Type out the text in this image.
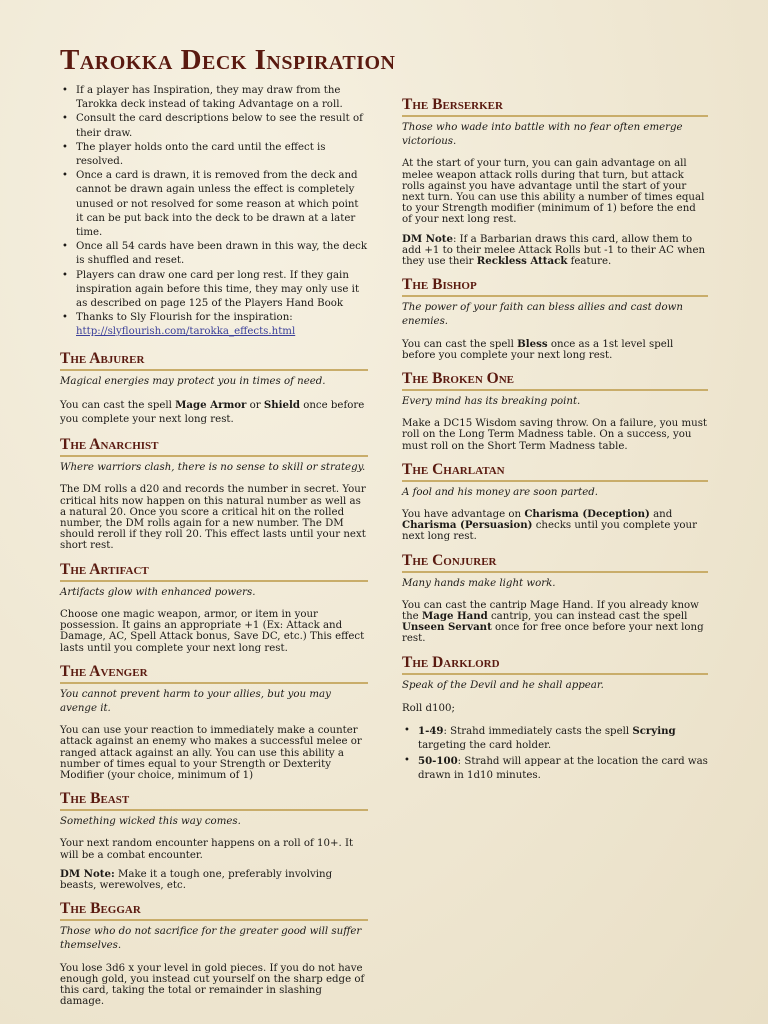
Tarokka Deck Inspiration
• If a player has Inspiration, they may draw from the Tarokka deck instead of taking Advantage on a roll.
• Consult the card descriptions below to see the result of their draw.
• The player holds onto the card until the effect is resolved.
• Once a card is drawn, it is removed from the deck and cannot be drawn again unless the effect is completely unused or not resolved for some reason at which point it can be put back into the deck to be drawn at a later time.
• Once all 54 cards have been drawn in this way, the deck is shuffled and reset.
• Players can draw one card per long rest. If they gain inspiration again before this time, they may only use it as described on page 125 of the Players Hand Book
• Thanks to Sly Flourish for the inspiration: http://slyflourish.com/tarokka_effects.html
The Abjurer
Magical energies may protect you in times of need.
You can cast the spell Mage Armor or Shield once before you complete your next long rest.
The Anarchist
Where warriors clash, there is no sense to skill or strategy.
The DM rolls a d20 and records the number in secret. Your critical hits now happen on this natural number as well as a natural 20. Once you score a critical hit on the rolled number, the DM rolls again for a new number. The DM should reroll if they roll 20. This effect lasts until your next short rest.
The Artifact
Artifacts glow with enhanced powers.
Choose one magic weapon, armor, or item in your possession. It gains an appropriate +1 (Ex: Attack and Damage, AC, Spell Attack bonus, Save DC, etc.) This effect lasts until you complete your next long rest.
The Avenger
You cannot prevent harm to your allies, but you may avenge it.
You can use your reaction to immediately make a counter attack against an enemy who makes a successful melee or ranged attack against an ally. You can use this ability a number of times equal to your Strength or Dexterity Modifier (your choice, minimum of 1)
The Beast
Something wicked this way comes.
Your next random encounter happens on a roll of 10+. It will be a combat encounter.
DM Note: Make it a tough one, preferably involving beasts, werewolves, etc.
The Beggar
Those who do not sacrifice for the greater good will suffer themselves.
You lose 3d6 x your level in gold pieces. If you do not have enough gold, you instead cut yourself on the sharp edge of this card, taking the total or remainder in slashing damage.
The Berserker
Those who wade into battle with no fear often emerge victorious.
At the start of your turn, you can gain advantage on all melee weapon attack rolls during that turn, but attack rolls against you have advantage until the start of your next turn. You can use this ability a number of times equal to your Strength modifier (minimum of 1) before the end of your next long rest.
DM Note: If a Barbarian draws this card, allow them to add +1 to their melee Attack Rolls but -1 to their AC when they use their Reckless Attack feature.
The Bishop
The power of your faith can bless allies and cast down enemies.
You can cast the spell Bless once as a 1st level spell before you complete your next long rest.
The Broken One
Every mind has its breaking point.
Make a DC15 Wisdom saving throw. On a failure, you must roll on the Long Term Madness table. On a success, you must roll on the Short Term Madness table.
The Charlatan
A fool and his money are soon parted.
You have advantage on Charisma (Deception) and Charisma (Persuasion) checks until you complete your next long rest.
The Conjurer
Many hands make light work.
You can cast the cantrip Mage Hand. If you already know the Mage Hand cantrip, you can instead cast the spell Unseen Servant once for free once before your next long rest.
The Darklord
Speak of the Devil and he shall appear.
Roll d100;
• 1-49: Strahd immediately casts the spell Scrying targeting the card holder.
• 50-100: Strahd will appear at the location the card was drawn in 1d10 minutes.
